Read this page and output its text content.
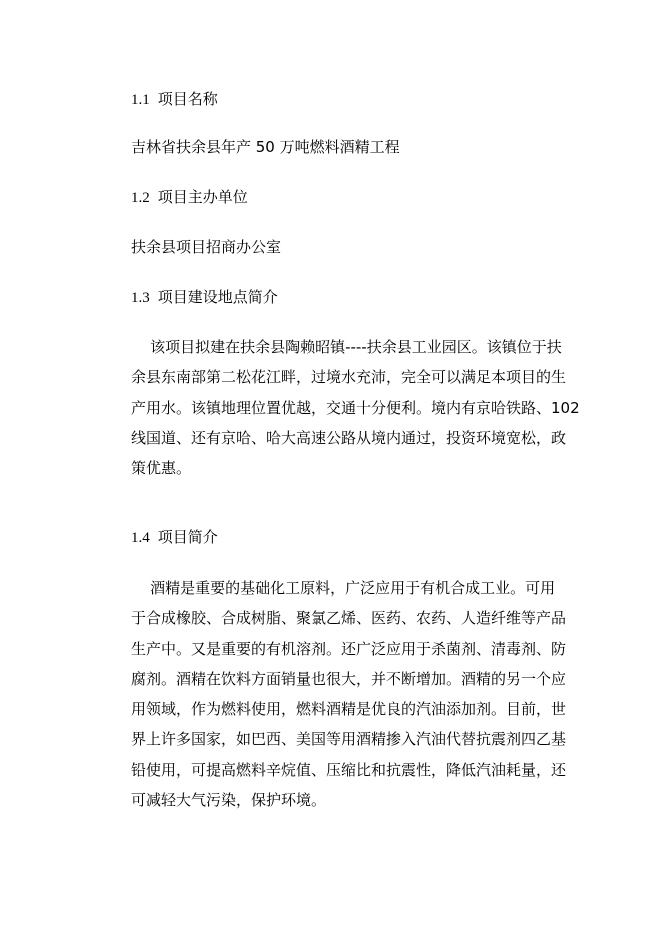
1.1 项目名称
吉林省扶余县年产 50 万吨燃料酒精工程
1.2 项目主办单位
扶余县项目招商办公室
1.3 项目建设地点简介
该项目拟建在扶余县陶赖昭镇----扶余县工业园区。该镇位于扶
余县东南部第二松花江畔，过境水充沛，完全可以满足本项目的生
产用水。该镇地理位置优越，交通十分便利。境内有京哈铁路、102
线国道、还有京哈、哈大高速公路从境内通过，投资环境宽松，政
策优惠。
1.4 项目简介
酒精是重要的基础化工原料，广泛应用于有机合成工业。可用
于合成橡胶、合成树脂、聚氯乙烯、医药、农药、人造纤维等产品
生产中。又是重要的有机溶剂。还广泛应用于杀菌剂、清毒剂、防
腐剂。酒精在饮料方面销量也很大，并不断增加。酒精的另一个应
用领域，作为燃料使用，燃料酒精是优良的汽油添加剂。目前，世
界上许多国家，如巴西、美国等用酒精掺入汽油代替抗震剂四乙基
铅使用，可提高燃料辛烷值、压缩比和抗震性，降低汽油耗量，还
可减轻大气污染，保护环境。
